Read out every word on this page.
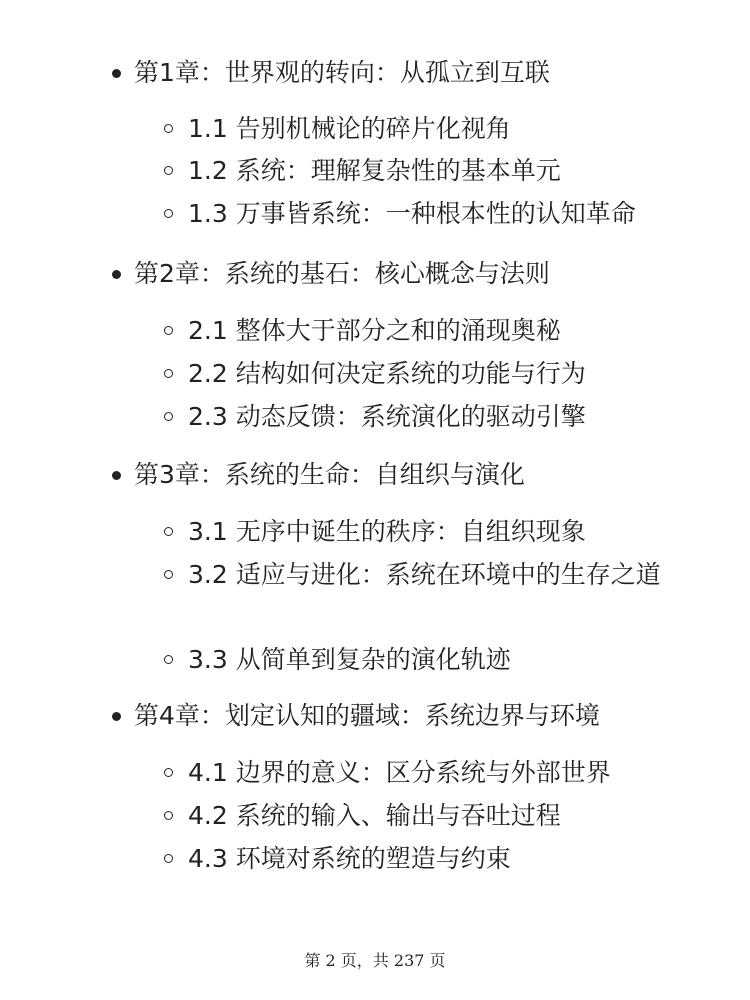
第1章：世界观的转向：从孤立到互联
1.1 告别机械论的碎片化视角
1.2 系统：理解复杂性的基本单元
1.3 万事皆系统：一种根本性的认知革命
第2章：系统的基石：核心概念与法则
2.1 整体大于部分之和的涌现奥秘
2.2 结构如何决定系统的功能与行为
2.3 动态反馈：系统演化的驱动引擎
第3章：系统的生命：自组织与演化
3.1 无序中诞生的秩序：自组织现象
3.2 适应与进化：系统在环境中的生存之道
3.3 从简单到复杂的演化轨迹
第4章：划定认知的疆域：系统边界与环境
4.1 边界的意义：区分系统与外部世界
4.2 系统的输入、输出与吞吐过程
4.3 环境对系统的塑造与约束
第 2 页，共 237 页
